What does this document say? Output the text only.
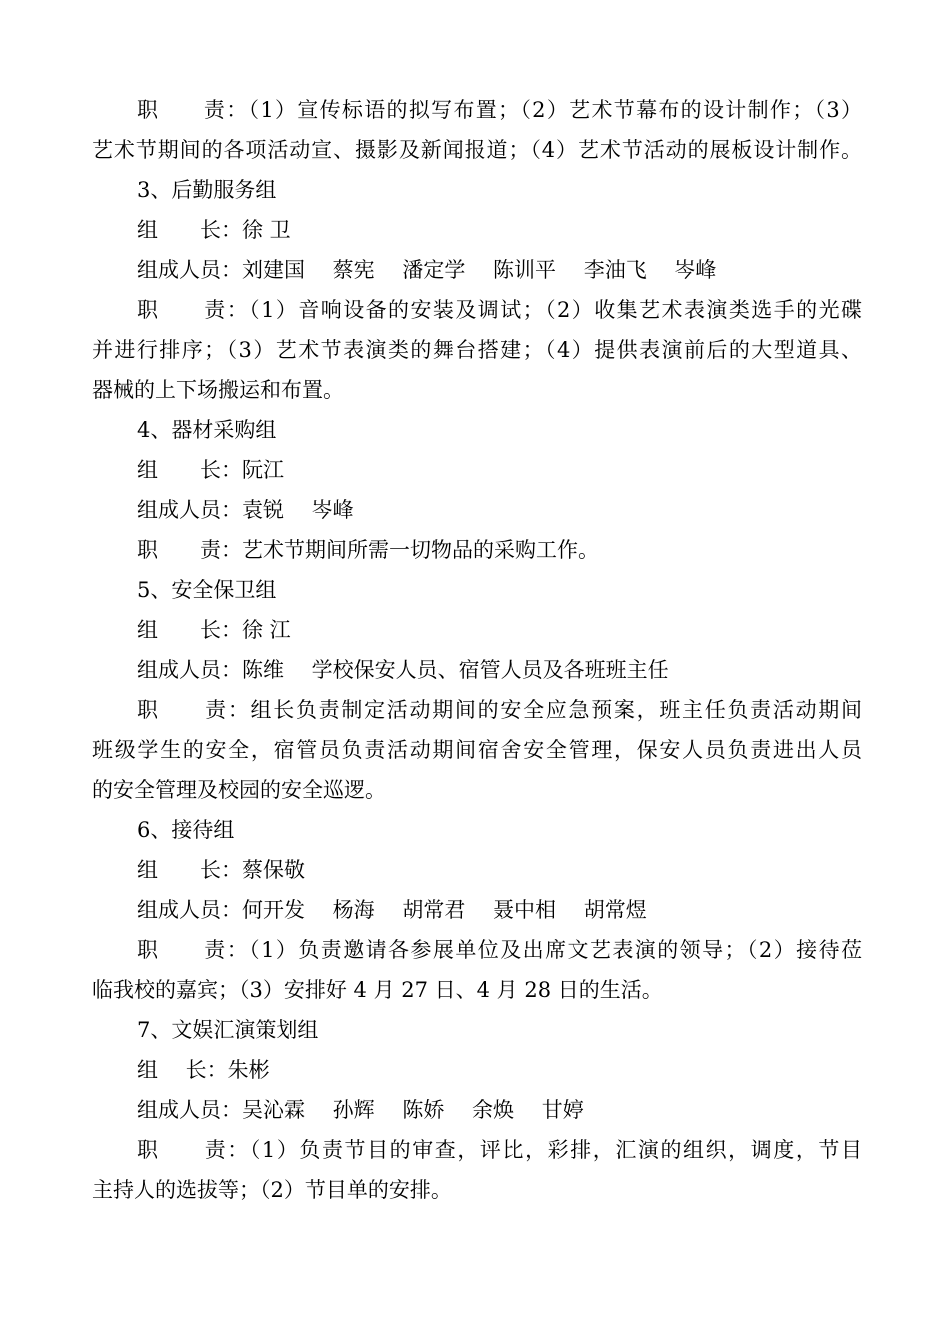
职　　责：（1）宣传标语的拟写布置；（2）艺术节幕布的设计制作；（3）
艺术节期间的各项活动宣、摄影及新闻报道；（4）艺术节活动的展板设计制作。
3、后勤服务组
组　　长：徐 卫
组成人员：刘建国　 蔡宪　 潘定学　 陈训平　 李油飞　 岑峰
职　　责：（1）音响设备的安装及调试；（2）收集艺术表演类选手的光碟
并进行排序；（3）艺术节表演类的舞台搭建；（4）提供表演前后的大型道具、
器械的上下场搬运和布置。
4、器材采购组
组　　长：阮江
组成人员：袁锐　 岑峰
职　　责：艺术节期间所需一切物品的采购工作。
5、安全保卫组
组　　长：徐 江
组成人员：陈维　 学校保安人员、宿管人员及各班班主任
职　　责：组长负责制定活动期间的安全应急预案，班主任负责活动期间
班级学生的安全，宿管员负责活动期间宿舍安全管理，保安人员负责进出人员
的安全管理及校园的安全巡逻。
6、接待组
组　　长：蔡保敬
组成人员：何开发　 杨海　 胡常君　 聂中相　 胡常煜
职　　责：（1）负责邀请各参展单位及出席文艺表演的领导；（2）接待莅
临我校的嘉宾；（3）安排好 4 月 27 日、4 月 28 日的生活。
7、文娱汇演策划组
组　 长：朱彬
组成人员：吴沁霖　 孙辉　 陈娇　 余焕　 甘婷
职　　责：（1）负责节目的审查，评比，彩排，汇演的组织，调度，节目
主持人的选拔等；（2）节目单的安排。
